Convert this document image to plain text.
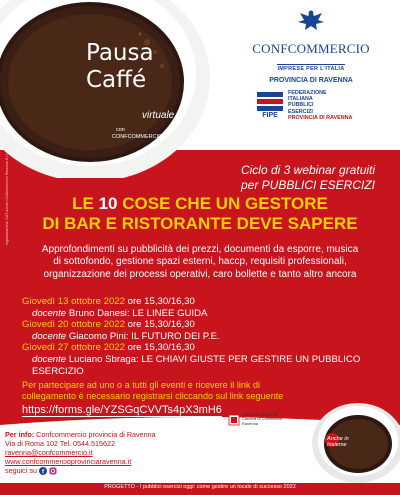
Pausa
Caffé
virtuale
con
CONFCOMMERCIO
organizzazione: CAT ascom Confcommercio Ravenna S.r.l.
CONFCOMMERCIO
IMPRESE PER L'ITALIA
PROVINCIA DI RAVENNA
FIPE
FEDERAZIONE
ITALIANA
PUBBLICI
ESERCIZI
PROVINCIA DI RAVENNA
Ciclo di 3 webinar gratuiti
per PUBBLICI ESERCIZI
LE 10 COSE CHE UN GESTORE
DI BAR E RISTORANTE DEVE SAPERE
Approfondimenti su pubblicità dei prezzi, documenti da esporre, musica
di sottofondo, gestione spazi esterni, haccp, requisiti professionali,
organizzazione dei processi operativi, caro bollette e tanto altro ancora
Giovedì 13 ottobre 2022 ore 15,30/16,30
docente Bruno Danesi: LE LINEE GUIDA
Giovedì 20 ottobre 2022 ore 15,30/16,30
docente Giacomo Pini: IL FUTURO DEI P.E.
Giovedì 27 ottobre 2022 ore 15,30/16,30
docente Luciano Sbraga: LE CHIAVI GIUSTE PER GESTIRE UN PUBBLICO ESERCIZIO
Per partecipare ad uno o a tutti gli eventi e ricevere il link di
collegamento è necessario registrarsi cliccando sul link seguente
https://forms.gle/YZSGqCVVTs4pX3mH6
Per info: Confcommercio provincia di Ravenna
Via di Roma 102 Tel. 0544.515622
ravenna@confcommercio.it
www.confcommercioprovinciaravenna.it
seguici su f
con il contributo di
Camera di Commercio
Ravenna
Anche in
Insieme
PROGETTO - I pubblici esercizi oggi: come gestire un locale di successo 2022
